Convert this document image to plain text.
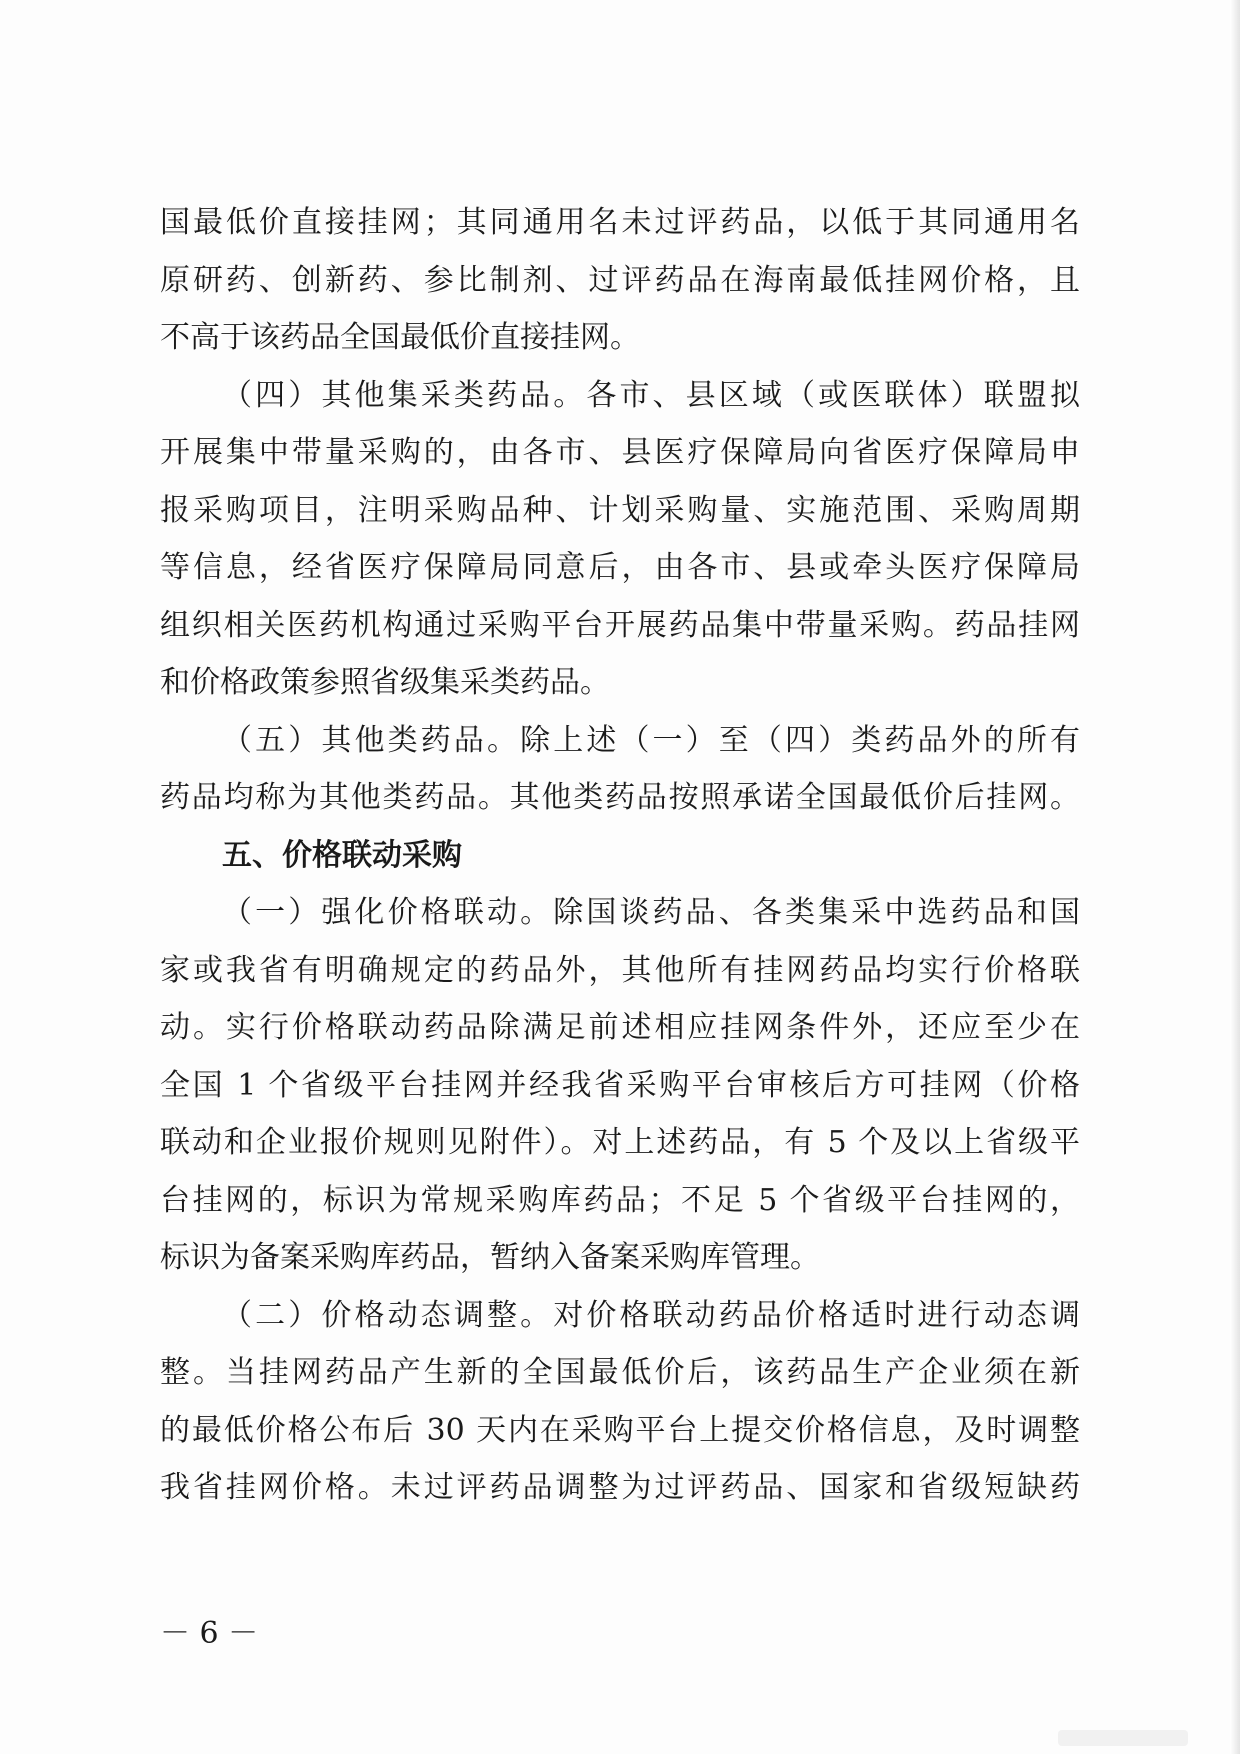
国最低价直接挂网；其同通用名未过评药品，以低于其同通用名
原研药、创新药、参比制剂、过评药品在海南最低挂网价格，且
不高于该药品全国最低价直接挂网。
（四）其他集采类药品。各市、县区域（或医联体）联盟拟
开展集中带量采购的，由各市、县医疗保障局向省医疗保障局申
报采购项目，注明采购品种、计划采购量、实施范围、采购周期
等信息，经省医疗保障局同意后，由各市、县或牵头医疗保障局
组织相关医药机构通过采购平台开展药品集中带量采购。药品挂网
和价格政策参照省级集采类药品。
（五）其他类药品。除上述（一）至（四）类药品外的所有
药品均称为其他类药品。其他类药品按照承诺全国最低价后挂网。
五、价格联动采购
（一）强化价格联动。除国谈药品、各类集采中选药品和国
家或我省有明确规定的药品外，其他所有挂网药品均实行价格联
动。实行价格联动药品除满足前述相应挂网条件外，还应至少在
全国 1 个省级平台挂网并经我省采购平台审核后方可挂网（价格
联动和企业报价规则见附件）。对上述药品，有 5 个及以上省级平
台挂网的，标识为常规采购库药品；不足 5 个省级平台挂网的，
标识为备案采购库药品，暂纳入备案采购库管理。
（二）价格动态调整。对价格联动药品价格适时进行动态调
整。当挂网药品产生新的全国最低价后，该药品生产企业须在新
的最低价格公布后 30 天内在采购平台上提交价格信息，及时调整
我省挂网价格。未过评药品调整为过评药品、国家和省级短缺药
－ 6 －
